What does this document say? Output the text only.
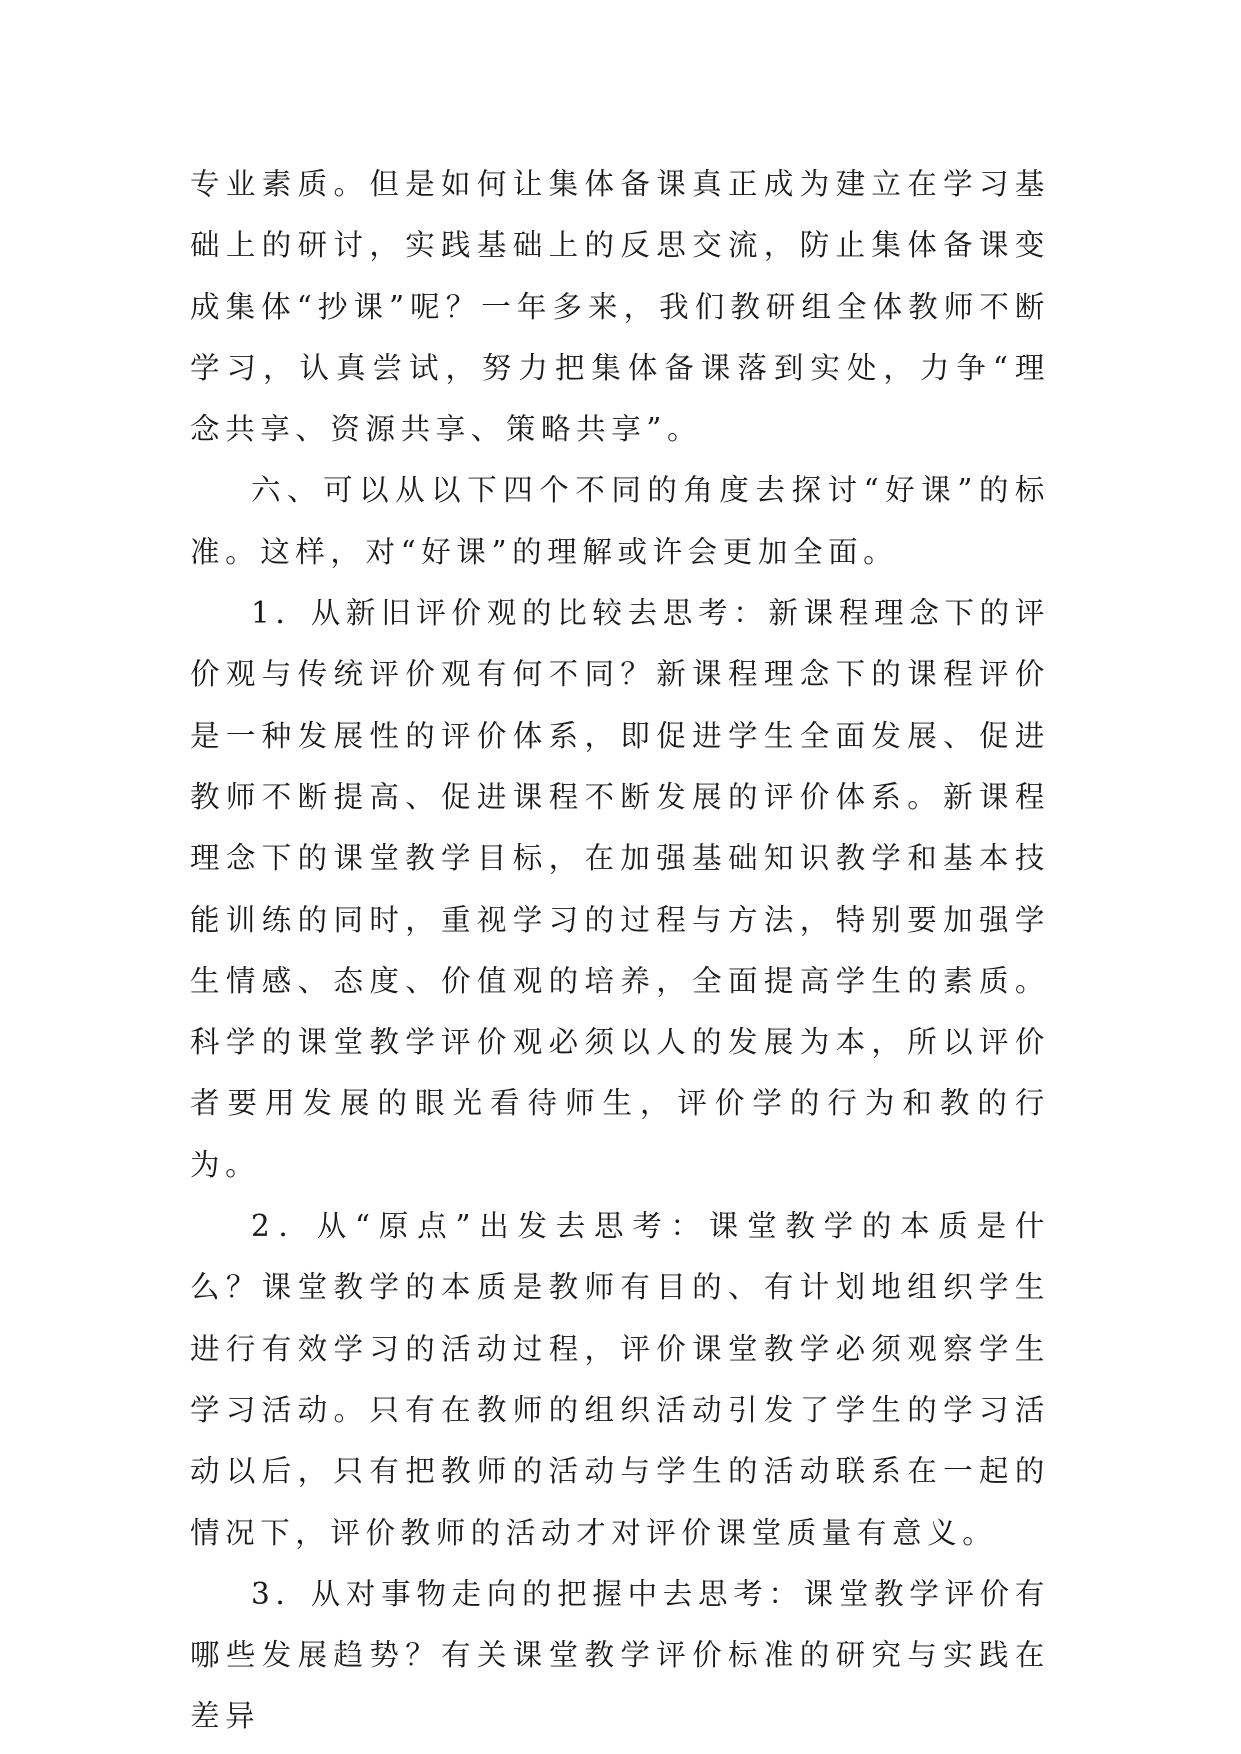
专业素质。但是如何让集体备课真正成为建立在学习基础上的研讨，实践基础上的反思交流，防止集体备课变成集体“抄课”呢？一年多来，我们教研组全体教师不断学习，认真尝试，努力把集体备课落到实处，力争“理念共享、资源共享、策略共享”。

六、可以从以下四个不同的角度去探讨“好课”的标准。这样，对“好课”的理解或许会更加全面。

1．从新旧评价观的比较去思考：新课程理念下的评价观与传统评价观有何不同？新课程理念下的课程评价是一种发展性的评价体系，即促进学生全面发展、促进教师不断提高、促进课程不断发展的评价体系。新课程理念下的课堂教学目标，在加强基础知识教学和基本技能训练的同时，重视学习的过程与方法，特别要加强学生情感、态度、价值观的培养，全面提高学生的素质。科学的课堂教学评价观必须以人的发展为本，所以评价者要用发展的眼光看待师生，评价学的行为和教的行为。

2．从“原点”出发去思考：课堂教学的本质是什么？课堂教学的本质是教师有目的、有计划地组织学生进行有效学习的活动过程，评价课堂教学必须观察学生学习活动。只有在教师的组织活动引发了学生的学习活动以后，只有把教师的活动与学生的活动联系在一起的情况下，评价教师的活动才对评价课堂质量有意义。

3．从对事物走向的把握中去思考：课堂教学评价有哪些发展趋势？有关课堂教学评价标准的研究与实践在差异
